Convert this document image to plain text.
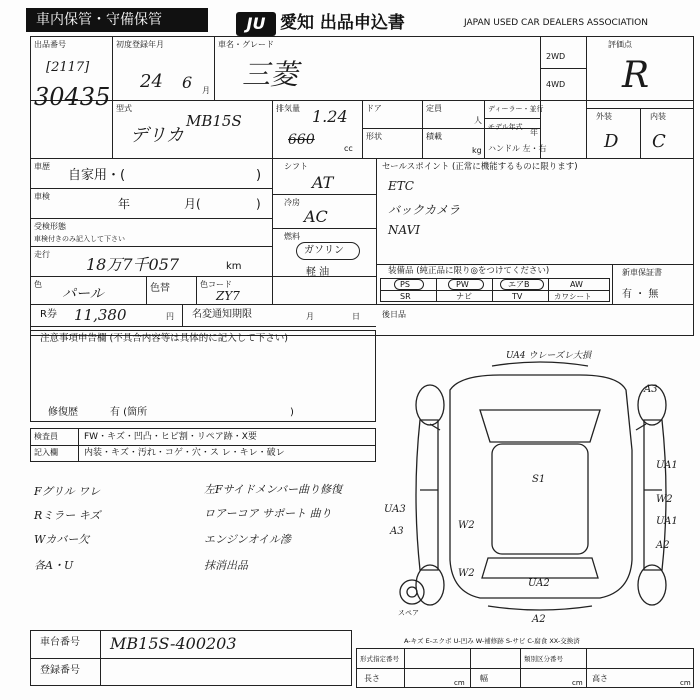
車内保管・守備保管	JU 愛知 出品申込書	JAPAN USED CAR DEALERS ASSOCIATION
出品番号
[2117]
30435
初度登録年月
24 6 月
車名・グレード
三菱
2WD
4WD
評価点
R
型式
デリカ
MB15S
排気量 1.24
660
cc
ドア	定員
人
ディーラー・並行
モデル年式
年
形状	積載
kg ハンドル 左・右
外装	内装
D C
車歴
自家用・(	)
車検
年	月(	)
受検形態
車検付きのみ記入して下さい
走行
18万7千057	km
色
パール	色替	色コード
ZY7
R券 11,380	円 名変通知期限	月	日
シフト
AT
冷房
AC
燃料
ガソリン
軽 油
セールスポイント (正常に機能するものに限ります)
ETC
バックカメラ
NAVI
装備品 (純正品に限り◎をつけてください)
PS	PW	エアB	AW
SR	ナビ	TV	カワシート
新車保証書
有 ・ 無
後日品
注意事項申告欄 (不具合内容等は具体的に記入して下さい)
修復歴	有 (箇所	)
検査員	FW・キズ・凹凸・ヒビ割・リペア跡・X要
記入欄	内装・キズ・汚れ・コゲ・穴・ス レ・キレ・破レ
Fグリル ワレ
Rミラー キズ
Wカバー欠
各A・U
左Fサイドメンバー曲り修復
ロアーコア サポート 曲り
エンジンオイル滲
抹消出品
UA4 ウレーズレ大損
A3
UA1
S1
UA3
A3
W2
W2
UA1
UA2
A2
W2
A2
スペア
A-キズ E-エクボ U-凹み W-補修跡 S-サビ C-腐食 XX-交換済
車台番号 MB15S-400203
登録番号
形式指定番号	類別区分番号
長さ	幅	高さ
cm	cm	cm
